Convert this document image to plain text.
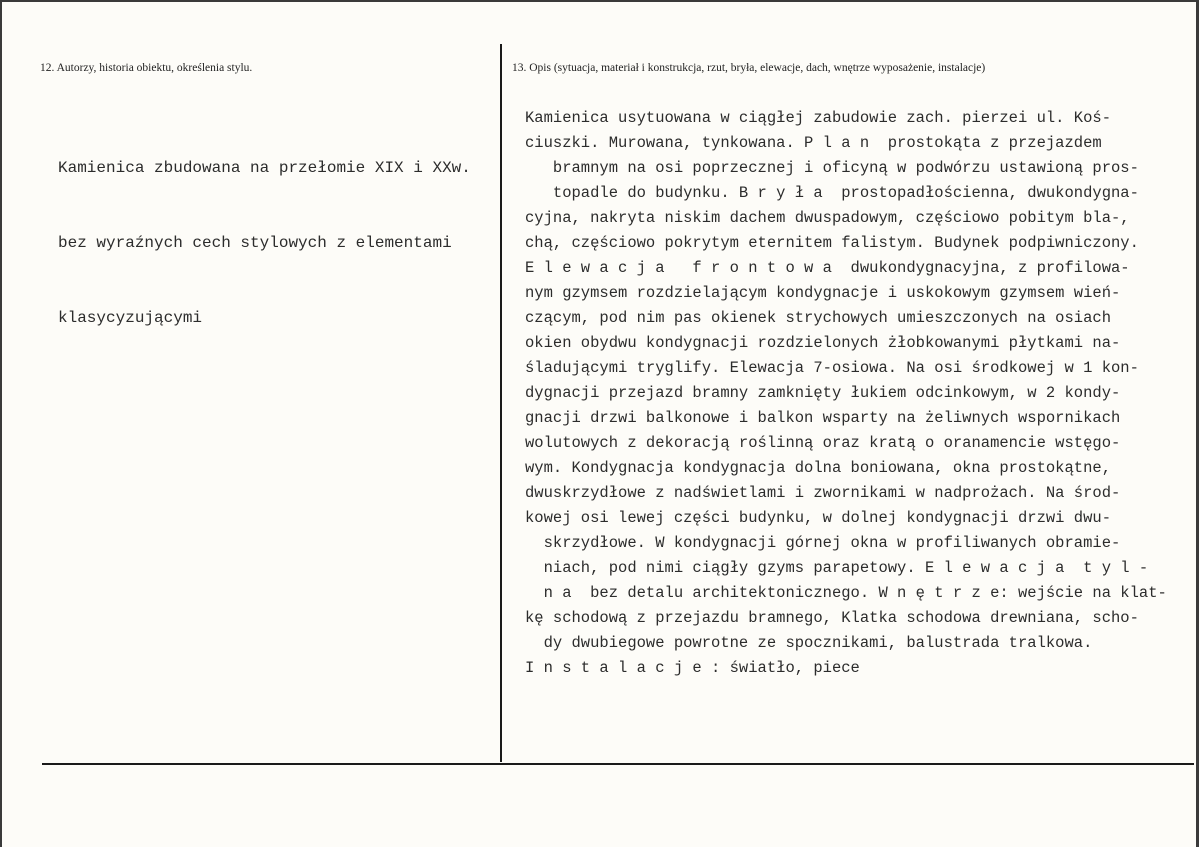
12. Autorzy, historia obiektu, określenia stylu.	13. Opis (sytuacja, materiał i konstrukcja, rzut, bryła, elewacje, dach, wnętrze wyposażenie, instalacje)

Kamienica zbudowana na przełomie XIX i XXw.

bez wyraźnych cech stylowych z elementami

klasycyzującymi

Kamienica usytuowana w ciągłej zabudowie zach. pierzei ul. Koś-
ciuszki. Murowana, tynkowana. P l a n  prostokąta z przejazdem
bramnym na osi poprzecznej i oficyną w podwórzu ustawioną pros-
topadle do budynku. B r y ł a  prostopadłościenna, dwukondygna-
cyjna, nakryta niskim dachem dwuspadowym, częściowo pobitym bla-,
chą, częściowo pokrytym eternitem falistym. Budynek podpiwniczony.
E l e w a c j a   f r o n t o w a  dwukondygnacyjna, z profilowa-
nym gzymsem rozdzielającym kondygnacje i uskokowym gzymsem wień-
czącym, pod nim pas okienek strychowych umieszczonych na osiach
okien obydwu kondygnacji rozdzielonych żłobkowanymi płytkami na-
śladującymi tryglify. Elewacja 7-osiowa. Na osi środkowej w 1 kon-
dygnacji przejazd bramny zamknięty łukiem odcinkowym, w 2 kondy-
gnacji drzwi balkonowe i balkon wsparty na żeliwnych wspornikach
wolutowych z dekoracją roślinną oraz kratą o oranamencie wstęgo-
wym. Kondygnacja kondygnacja dolna boniowana, okna prostokątne,
dwuskrzydłowe z nadświetlami i zwornikami w nadprożach. Na środ-
kowej osi lewej części budynku, w dolnej kondygnacji drzwi dwu-
skrzydłowe. W kondygnacji górnej okna w profiliwanych obramie-
niach, pod nimi ciągły gzyms parapetowy. E l e w a c j a  t y l -
n a  bez detalu architektonicznego. W n ę t r z e: wejście na klat-
kę schodową z przejazdu bramnego, Klatka schodowa drewniana, scho-
dy dwubiegowe powrotne ze spocznikami, balustrada tralkowa.
I n s t a l a c j e : światło, piece
